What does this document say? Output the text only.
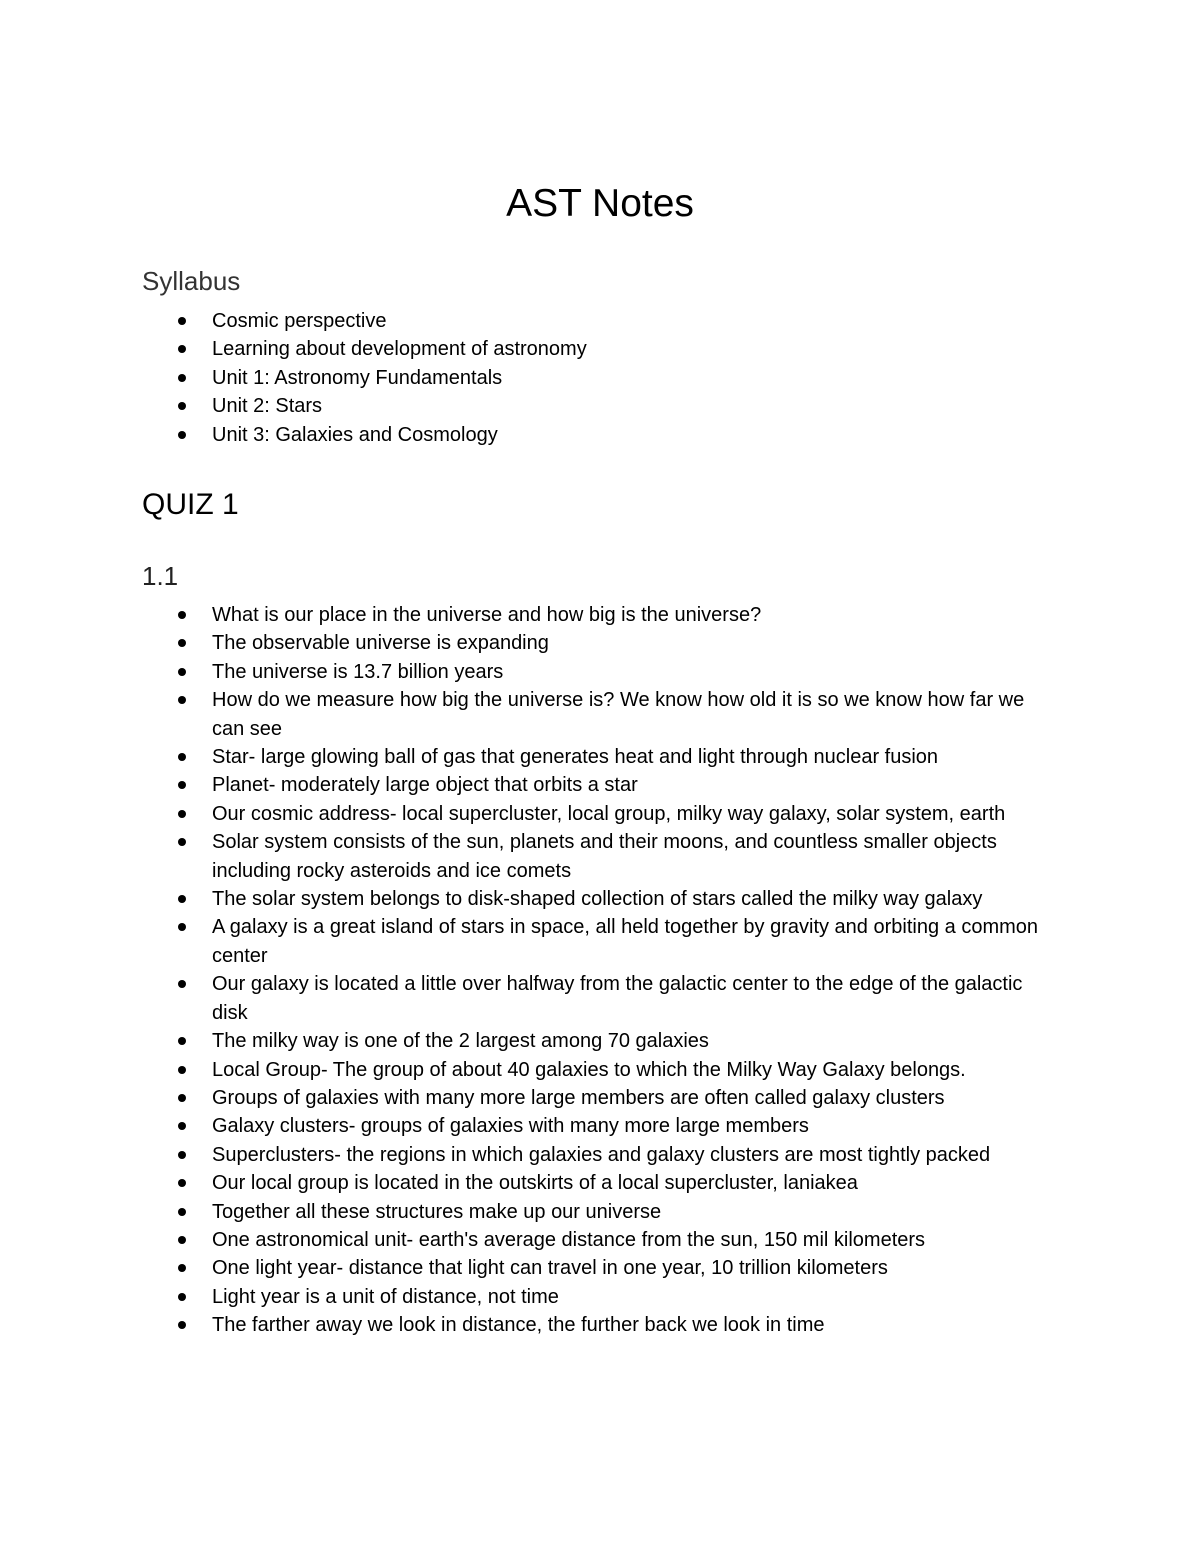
AST Notes
Syllabus
Cosmic perspective
Learning about development of astronomy
Unit 1: Astronomy Fundamentals
Unit 2: Stars
Unit 3: Galaxies and Cosmology
QUIZ 1
1.1
What is our place in the universe and how big is the universe?
The observable universe is expanding
The universe is 13.7 billion years
How do we measure how big the universe is? We know how old it is so we know how far we can see
Star- large glowing ball of gas that generates heat and light through nuclear fusion
Planet- moderately large object that orbits a star
Our cosmic address- local supercluster, local group, milky way galaxy, solar system, earth
Solar system consists of the sun, planets and their moons, and countless smaller objects including rocky asteroids and ice comets
The solar system belongs to disk-shaped collection of stars called the milky way galaxy
A galaxy is a great island of stars in space, all held together by gravity and orbiting a common center
Our galaxy is located a little over halfway from the galactic center to the edge of the galactic disk
The milky way is one of the 2 largest among 70 galaxies
Local Group- The group of about 40 galaxies to which the Milky Way Galaxy belongs.
Groups of galaxies with many more large members are often called galaxy clusters
Galaxy clusters- groups of galaxies with many more large members
Superclusters- the regions in which galaxies and galaxy clusters are most tightly packed
Our local group is located in the outskirts of a local supercluster, laniakea
Together all these structures make up our universe
One astronomical unit- earth's average distance from the sun, 150 mil kilometers
One light year- distance that light can travel in one year, 10 trillion kilometers
Light year is a unit of distance, not time
The farther away we look in distance, the further back we look in time
